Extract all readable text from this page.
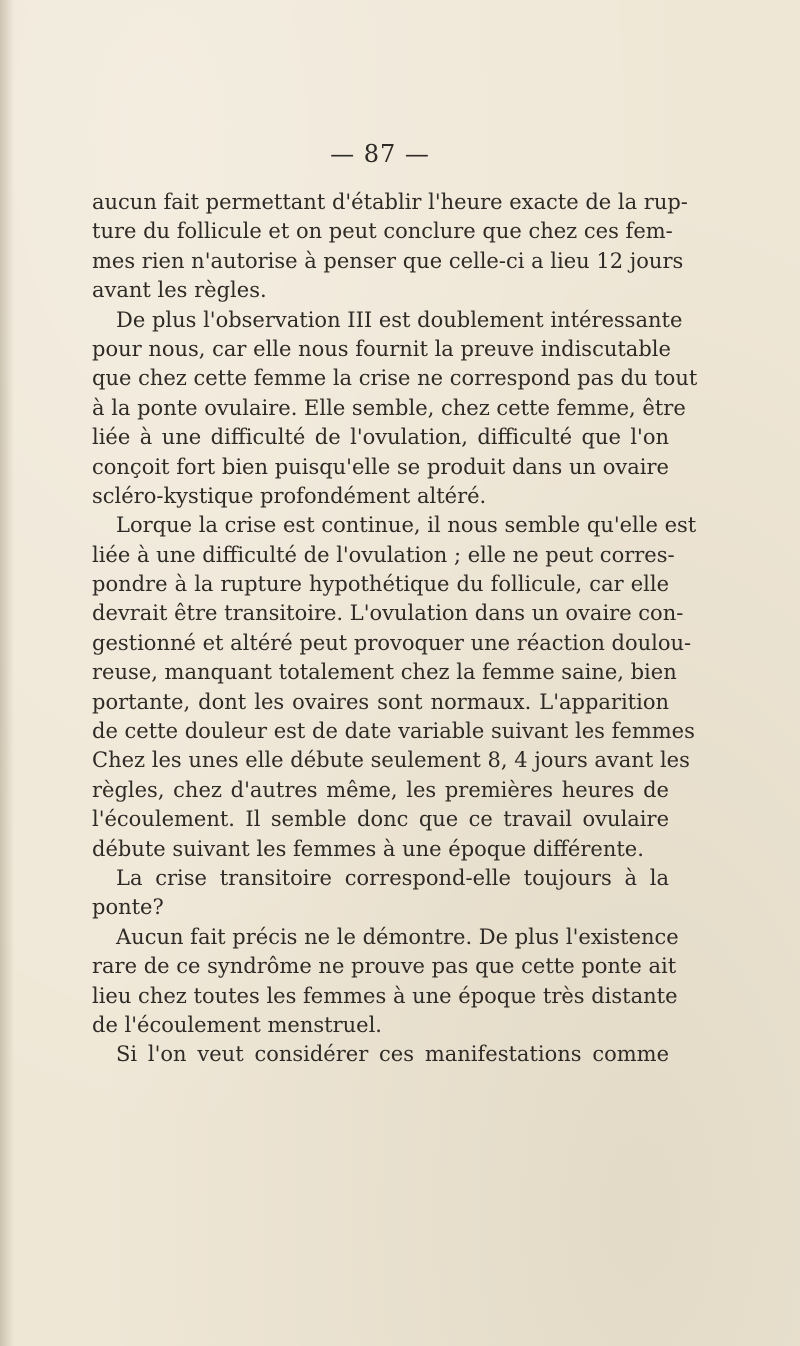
— 87 —
aucun fait permettant d'établir l'heure exacte de la rup-
ture du follicule et on peut conclure que chez ces fem-
mes rien n'autorise à penser que celle-ci a lieu 12 jours
avant les règles.
De plus l'observation III est doublement intéressante
pour nous, car elle nous fournit la preuve indiscutable
que chez cette femme la crise ne correspond pas du tout
à la ponte ovulaire. Elle semble, chez cette femme, être
liée à une difficulté de l'ovulation, difficulté que l'on
conçoit fort bien puisqu'elle se produit dans un ovaire
scléro-kystique profondément altéré.
Lorque la crise est continue, il nous semble qu'elle est
liée à une difficulté de l'ovulation ; elle ne peut corres-
pondre à la rupture hypothétique du follicule, car elle
devrait être transitoire. L'ovulation dans un ovaire con-
gestionné et altéré peut provoquer une réaction doulou-
reuse, manquant totalement chez la femme saine, bien
portante, dont les ovaires sont normaux. L'apparition
de cette douleur est de date variable suivant les femmes
Chez les unes elle débute seulement 8, 4 jours avant les
règles, chez d'autres même, les premières heures de
l'écoulement. Il semble donc que ce travail ovulaire
débute suivant les femmes à une époque différente.
La crise transitoire correspond-elle toujours à la
ponte?
Aucun fait précis ne le démontre. De plus l'existence
rare de ce syndrôme ne prouve pas que cette ponte ait
lieu chez toutes les femmes à une époque très distante
de l'écoulement menstruel.
Si l'on veut considérer ces manifestations comme
